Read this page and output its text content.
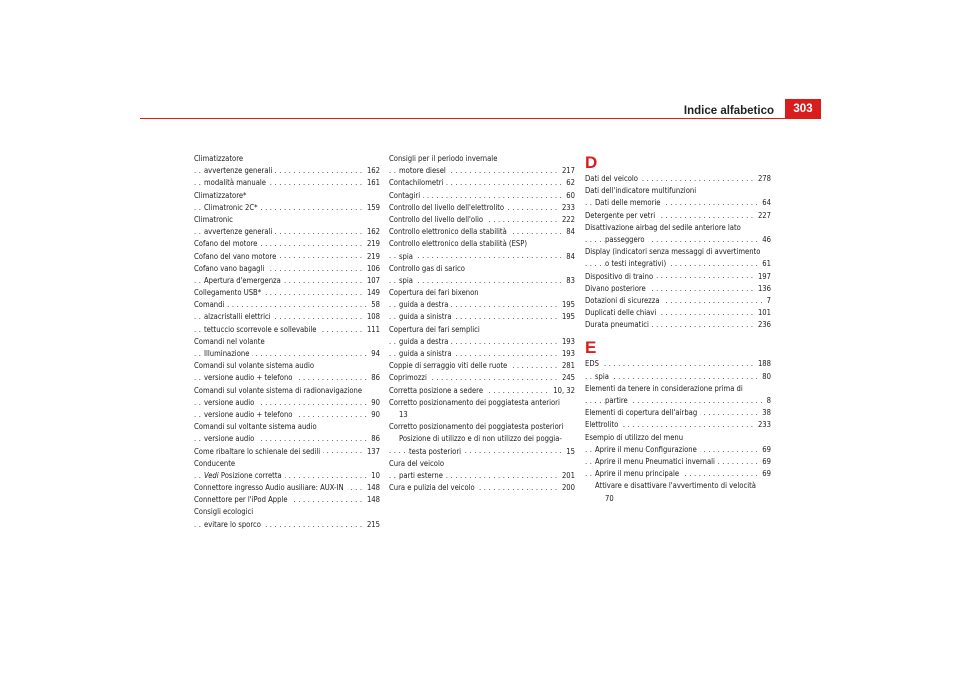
Indice alfabetico	303
Climatizzatore
avvertenze generali	162
. . .
modalità manuale	161
. . .
Climatizzatore*
Climatronic 2C*	159
. . .
Climatronic
avvertenze generali	162
. . .
Cofano del motore	219
. . .
Cofano del vano motore	219
. . .
Cofano vano bagagli	106
. . .
Apertura d'emergenza	107
. . .
Collegamento USB*	149
. . .
Comandi	58
. . .
alzacristalli elettrici	108
. . .
tettuccio scorrevole e sollevabile	111
. . .
Comandi nel volante
Illuminazione	94
. . .
Comandi sul volante sistema audio
versione audio + telefono	86
. . .
Comandi sul volante sistema di radionavigazione
versione audio	90
. . .
versione audio + telefono	90
. . .
Comandi sul voltante sistema audio
versione audio	86
. . .
Come ribaltare lo schienale dei sedili	137
. . .
Conducente
Vedi Posizione corretta	10
. . .
Connettore ingresso Audio ausiliare: AUX-IN	148
. . .
Connettore per l'iPod Apple	148
. . .
Consigli ecologici
evitare lo sporco	215
. . .
Consigli per il periodo invernale
motore diesel	217
. . .
Contachilometri	62
. . .
Contagiri	60
. . .
Controllo del livello dell'elettrolito	233
. . .
Controllo del livello dell'olio	222
. . .
Controllo elettronico della stabilità	84
. . .
Controllo elettronico della stabilità (ESP)
spia	84
. . .
Controllo gas di sarico
spia	83
. . .
Copertura dei fari bixenon
guida a destra	195
. . .
guida a sinistra	195
. . .
Copertura dei fari semplici
guida a destra	193
. . .
guida a sinistra	193
. . .
Coppie di serraggio viti delle ruote	281
. . .
Coprimozzi	245
. . .
Corretta posizione a sedere	10, 32
. . .
Corretto posizionamento dei poggiatesta anteriori
13
Corretto posizionamento dei poggiatesta posteriori
Posizione di utilizzo e di non utilizzo dei poggia-
testa posteriori	15
. . .
Cura del veicolo
parti esterne	201
. . .
Cura e pulizia del veicolo	200
. . .
D
Dati del veicolo	278
. . .
Dati dell'indicatore multifunzioni
Dati delle memorie	64
. . .
Detergente per vetri	227
. . .
Disattivazione airbag del sedile anteriore lato
passeggero	46
. . .
Display (indicatori senza messaggi di avvertimento
o testi integrativi)	61
. . .
Dispositivo di traino	197
. . .
Divano posteriore	136
. . .
Dotazioni di sicurezza	7
. . .
Duplicati delle chiavi	101
. . .
Durata pneumatici	236
. . .
E
EDS	188
. . .
spia	80
. . .
Elementi da tenere in considerazione prima di
partire	8
. . .
Elementi di copertura dell'airbag	38
. . .
Elettrolito	233
. . .
Esempio di utilizzo del menu
Aprire il menu Configurazione	69
. . .
Aprire il menu Pneumatici invernali	69
. . .
Aprire il menu principale	69
. . .
Attivare e disattivare l'avvertimento di velocità
70
